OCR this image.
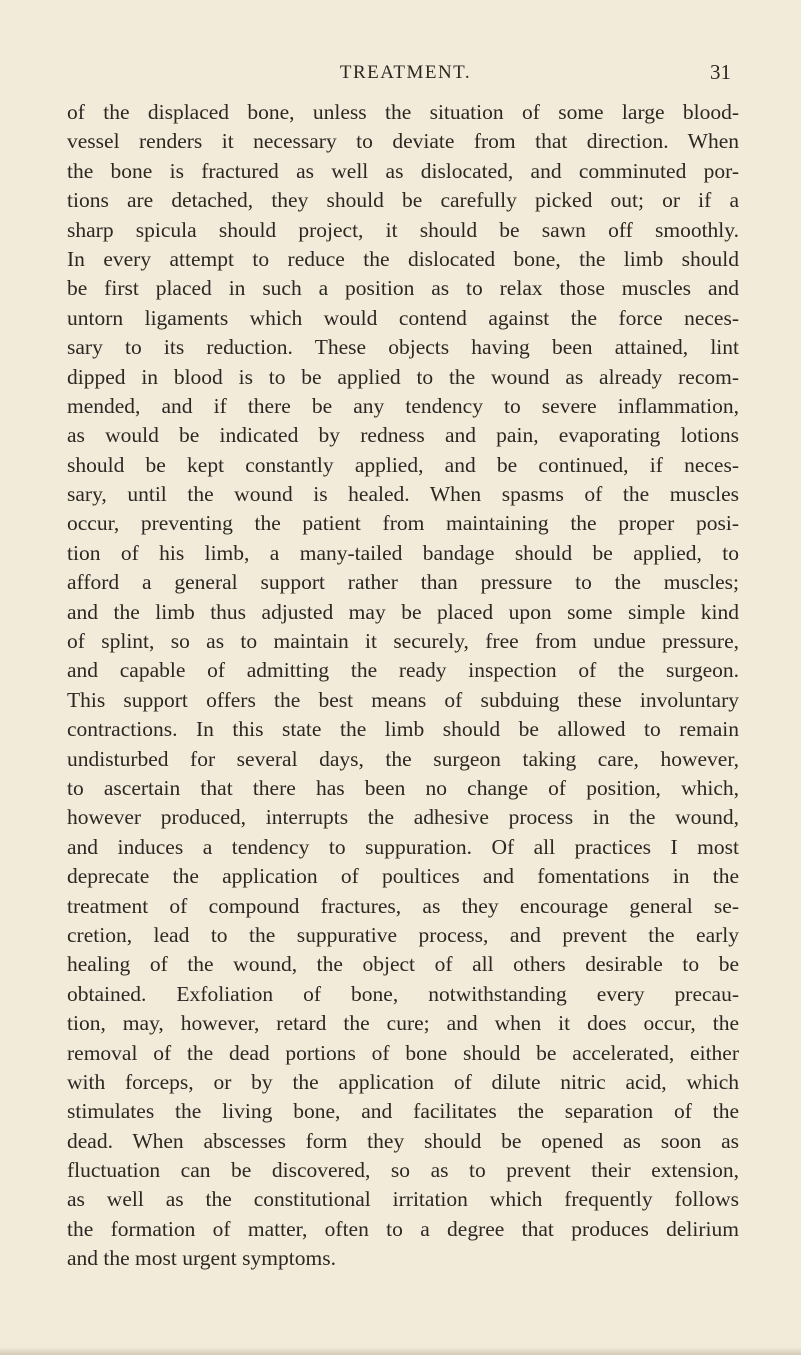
TREATMENT.	31
of the displaced bone, unless the situation of some large blood-
vessel renders it necessary to deviate from that direction. When
the bone is fractured as well as dislocated, and comminuted por-
tions are detached, they should be carefully picked out; or if a
sharp spicula should project, it should be sawn off smoothly.
In every attempt to reduce the dislocated bone, the limb should
be first placed in such a position as to relax those muscles and
untorn ligaments which would contend against the force neces-
sary to its reduction. These objects having been attained, lint
dipped in blood is to be applied to the wound as already recom-
mended, and if there be any tendency to severe inflammation,
as would be indicated by redness and pain, evaporating lotions
should be kept constantly applied, and be continued, if neces-
sary, until the wound is healed. When spasms of the muscles
occur, preventing the patient from maintaining the proper posi-
tion of his limb, a many-tailed bandage should be applied, to
afford a general support rather than pressure to the muscles;
and the limb thus adjusted may be placed upon some simple kind
of splint, so as to maintain it securely, free from undue pressure,
and capable of admitting the ready inspection of the surgeon.
This support offers the best means of subduing these involuntary
contractions. In this state the limb should be allowed to remain
undisturbed for several days, the surgeon taking care, however,
to ascertain that there has been no change of position, which,
however produced, interrupts the adhesive process in the wound,
and induces a tendency to suppuration. Of all practices I most
deprecate the application of poultices and fomentations in the
treatment of compound fractures, as they encourage general se-
cretion, lead to the suppurative process, and prevent the early
healing of the wound, the object of all others desirable to be
obtained. Exfoliation of bone, notwithstanding every precau-
tion, may, however, retard the cure; and when it does occur, the
removal of the dead portions of bone should be accelerated, either
with forceps, or by the application of dilute nitric acid, which
stimulates the living bone, and facilitates the separation of the
dead. When abscesses form they should be opened as soon as
fluctuation can be discovered, so as to prevent their extension,
as well as the constitutional irritation which frequently follows
the formation of matter, often to a degree that produces delirium
and the most urgent symptoms.
